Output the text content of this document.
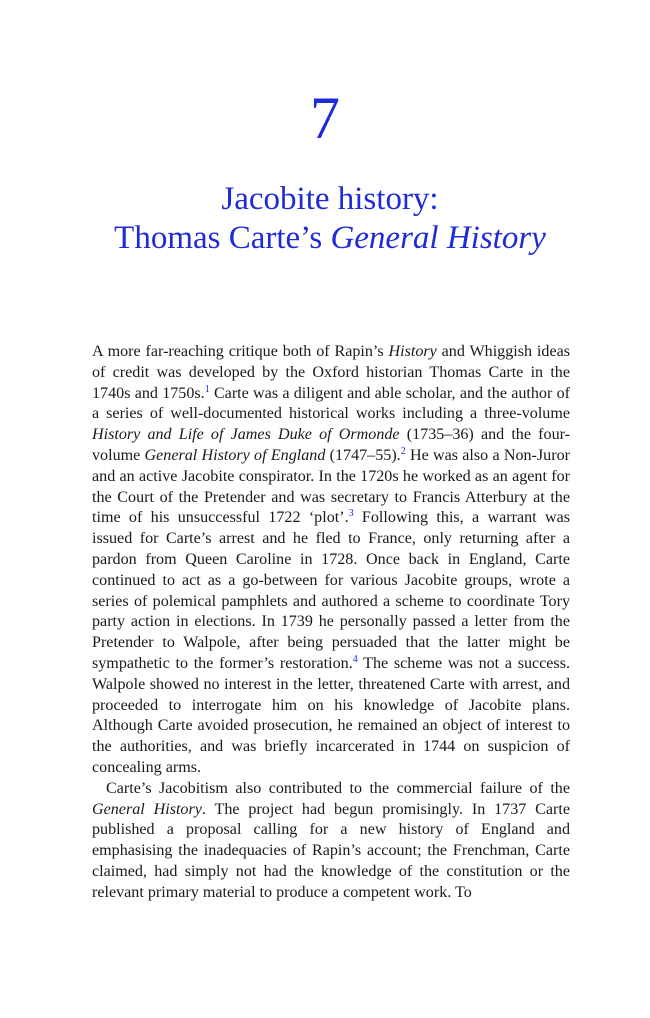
7
Jacobite history:
Thomas Carte’s General History

A more far-reaching critique both of Rapin’s History and Whiggish ideas of credit was developed by the Oxford historian Thomas Carte in the 1740s and 1750s.$^1$ Carte was a diligent and able scholar, and the author of a series of well-documented historical works including a three-volume History and Life of James Duke of Ormonde (1735–36) and the four-volume General History of England (1747–55).$^2$ He was also a Non-Juror and an active Jacobite conspirator. In the 1720s he worked as an agent for the Court of the Pretender and was secretary to Francis Atterbury at the time of his unsuccessful 1722 ‘plot’.$^3$ Following this, a warrant was issued for Carte’s arrest and he fled to France, only returning after a pardon from Queen Caroline in 1728. Once back in England, Carte continued to act as a go-between for various Jacobite groups, wrote a series of polemical pamphlets and authored a scheme to coordinate Tory party action in elections. In 1739 he personally passed a letter from the Pretender to Walpole, after being persuaded that the latter might be sympathetic to the former’s restoration.$^4$ The scheme was not a success. Walpole showed no interest in the letter, threatened Carte with arrest, and proceeded to interrogate him on his knowledge of Jacobite plans. Although Carte avoided prosecution, he remained an object of interest to the authorities, and was briefly incarcerated in 1744 on suspicion of concealing arms.

Carte’s Jacobitism also contributed to the commercial failure of the General History. The project had begun promisingly. In 1737 Carte published a proposal calling for a new history of England and emphasising the inadequacies of Rapin’s account; the Frenchman, Carte claimed, had simply not had the knowledge of the constitution or the relevant primary material to produce a competent work. To
